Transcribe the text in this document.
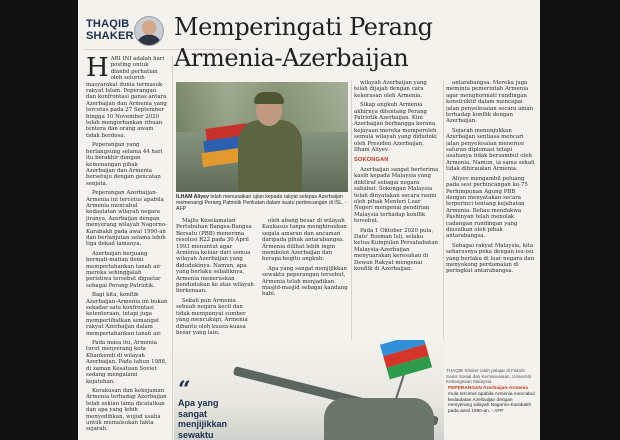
THAQIB
SHAKER Memperingati Perang
Armenia-Azerbaijan

HARI INI adalah hari posting untuk dianbil perhatian oleh seluruh masyarakat dunia termasuk rakyat Islam. Peperangan dan konfrontasi ganas antara Azerbaijan dan Armenia yang tercetus pada 27 September hingga 10 November 2020 telah mengorbankan ribuan tentera dan orang awam tidak berdosa.

Peperangan yang berlangsung selama 44 hari itu berakhir dengan kemenangan pihak Azerbaijan dan Armenia bersetuju dengan gencatan senjata.

Peperangan Azerbaijan-Armenia ini tercetus apabila Armenia mencabul kedaulatan wilayah negara jiranya, Azerbaijan dengan menyerang wilayah Nagorno-Karabakh pada awal 1990-an dan berlanjutan selama lebih tiga dekad lamanya.

Azerbaijan berjuang bermati-matian demi mempertahankan tanah air mereka sehinggalah peristiwa tersebut diguelar sebagai Perang Patriotik.

Bagi kita, konflik Azerbaijan-Armenia ini bukan sekadar satu konfrontasi ketenteraan, tetapi juga memperlihatkan semangat rakyat Azerbaijan dalam mempertahankan tanah air.

Pada masa itu, Armenia turut menyerang kota Khankendi di wilayah Azerbaijan. Pada tahun 1988, di zaman Kesatuan Soviet sedang mengalami kejatuhan.

Kerakusan dan kekejaman Armenia terhadap Azerbaijan telah sekian lama dicatatkan dan apa yang lebih menyedihkan, wujud usaha untuk memalsukan fakta sejarah.

ILHAM Aliyev telah menunaikan ujian kepada rakyat selepas Azerbaijan memenangi Perang Patriotik Perikatan dalam suatu perbincangan di ISL. - AFP

Majlis Keselamatan Pertubuhan Bangsa-Bangsa Bersatu (PBB) menerima resolusi R22 pada 30 April 1993 menuntut agar Armenia keluar dari semua wilayah Azerbaijan yang didudukinya. Namun, apa yang berlaku sebaliknya, Armenia meneruskan pendudukan ke atas wilayah berkenaan.

Sekali pun Armenia sebuah negara kecil dan tidak mempunyai sumber yang mencukupi, Armenia dibantu oleh kuasa-kuasa besar yang lain.

oleh abang besar di wilayah Kaukasus tanpa menghiraukan segala amaran dan ancaman daripada pihak antarabangsa. Armenia dilihat lebih ingin membolot Azerbaijan dan berapa begitu angkuh.

Apa yang sangat menjijikkan sewaktu peperangan tersebut, Armenia telah menjadikan masjid-masjid sebagai kandang babi.

wilayah Azerbaijan yang telah dijajah dengan cara kekerasan oleh Armenia.

Sikap angkuh Armenia akhirnya ditentang Perang Patriotik Azerbaijan. Kini Azerbaijan berbangga kerana kejayaan mereka memperoleh semula wilayah yang diduduki oleh Presiden Azerbaijan, Ilham Aliyev.

SOKONGAN

Azerbaijan sangat berterima kasih kepada Malaysia yang diiktiraf sebagai negara sahabat. Sokongan Malaysia telah dinyatakan secara rasmi oleh pihak Menteri Luar Negeri mengenai pendirian Malaysia terhadap konflik tersebut.

Pada 1 Oktober 2020 pula, Dato' Rosman Isli, selaku ketua Kumpulan Persahabatan Malaysia-Azerbaijan menyuarakan keresahan di Dewan Rakyat mengenai konflik di Azerbaijan.

antarabangsa. Mereka juga meminta pemerintah Armenia agar menghormati rundingan konstruktif dalam mencapai jalan penyelesaian secara aman terhadap konflik dengan Azerbaijan.

Sejarah menunjukkan Azerbaijan sentiasa mencari jalan penyelesaian menerusi saluran diplomasi tetapi usahanya tidak bersambut oleh Armenia. Namun, ia sama sekali tidak dihiraukan Armenia.

Aliyev mengambil peluang pada sesi perbincangan ke-75 Perhimpunan Agung PBB dengan menyatakan secara terperinci tentang kejahatan Armenia. Beliau mendakwa Pashinyan telah menolak cadangan rundingan yang diusulkan oleh pihak antarabangsa.

Sebagai rakyat Malaysia, kita seharusnya peka dengan isu-isu yang berlaku di luar negara dan menyokong perdamaian di peringkat antarabangsa.

THAQIB Shaker ialah pelajar di Fakulti Sains Sosial dan Kemanusiaan, Universiti Kebangsaan Malaysia.
“
Apa yang
sangat
menjijikkan
sewaktu
PEPERANGAN Azerbaijan-Armenia mula tercetus apabila Armenia mencabul kedaulatan Azerbaijan dengan menyerang wilayah Nagorno-Karabakh pada awal 1990-an. - AFP
